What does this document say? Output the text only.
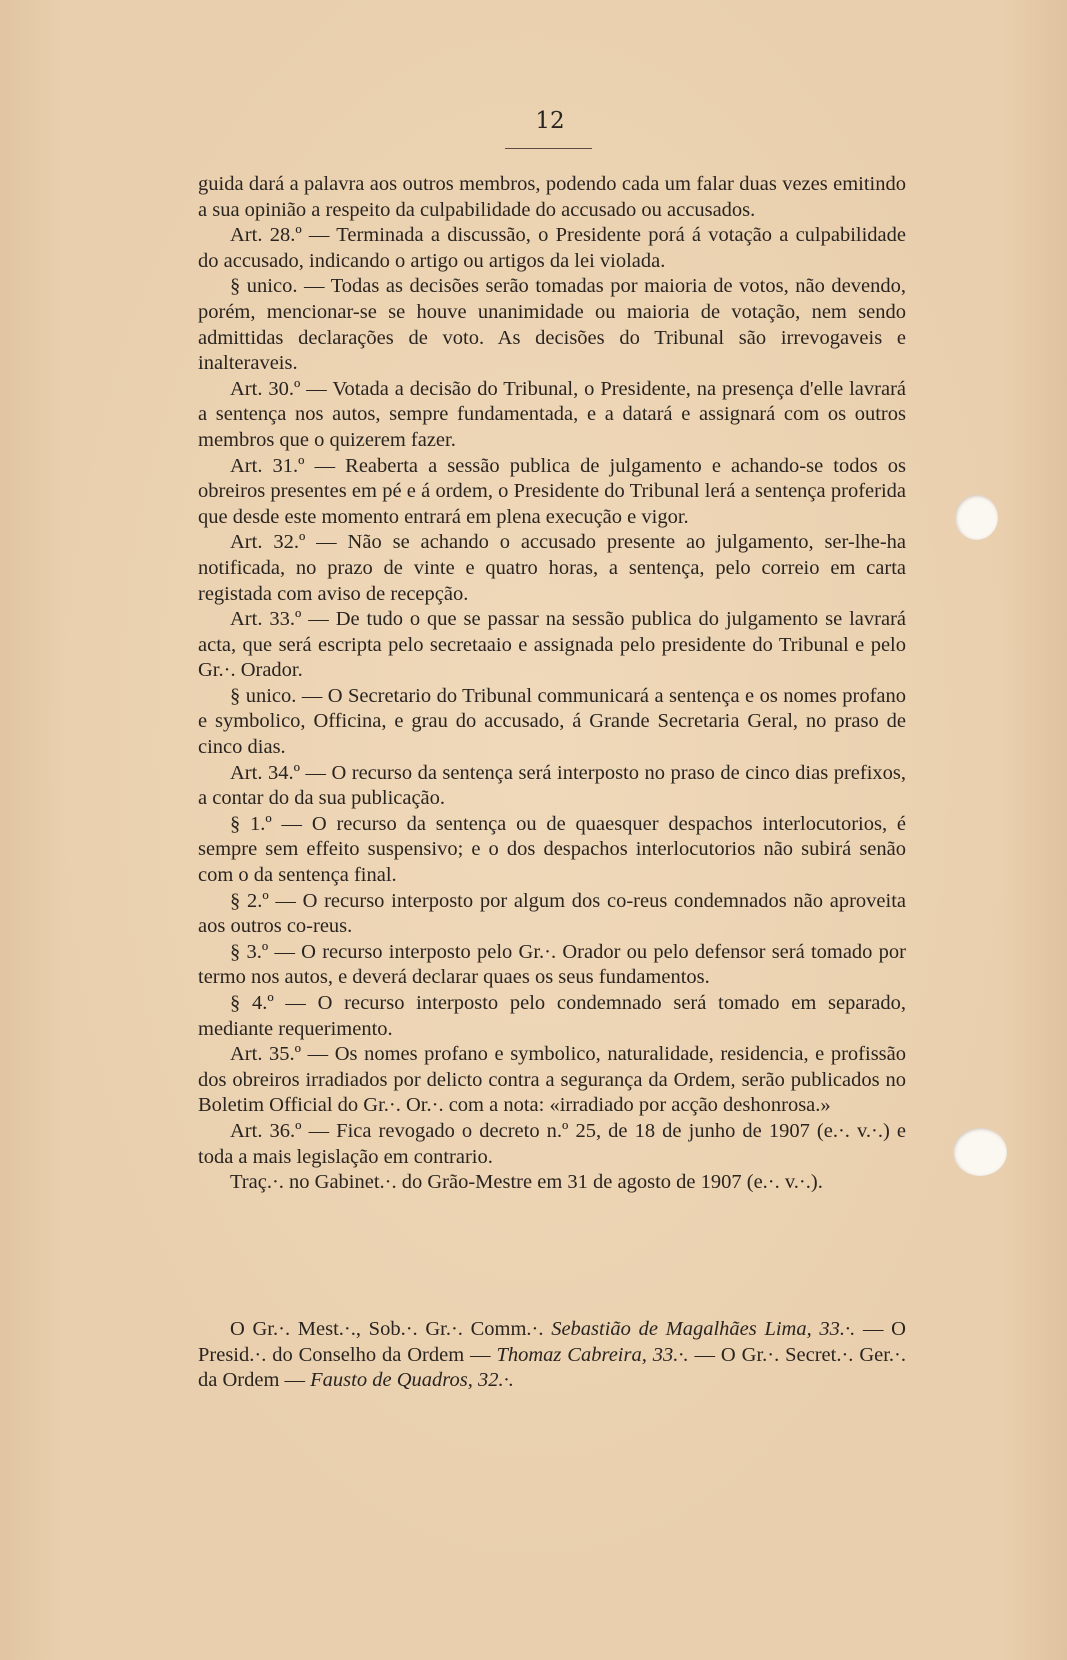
12

guida dará a palavra aos outros membros, podendo cada um falar duas vezes emitindo a sua opinião a respeito da culpabilidade do accusado ou accusados.

Art. 28.º — Terminada a discussão, o Presidente porá á votação a culpabilidade do accusado, indicando o artigo ou artigos da lei violada.

§ unico. — Todas as decisões serão tomadas por maioria de votos, não devendo, porém, mencionar-se se houve unanimidade ou maioria de votação, nem sendo admittidas declarações de voto. As decisões do Tribunal são irrevogaveis e inalteraveis.

Art. 30.º — Votada a decisão do Tribunal, o Presidente, na presença d'elle lavrará a sentença nos autos, sempre fundamentada, e a datará e assignará com os outros membros que o quizerem fazer.

Art. 31.º — Reaberta a sessão publica de julgamento e achando-se todos os obreiros presentes em pé e á ordem, o Presidente do Tribunal lerá a sentença proferida que desde este momento entrará em plena execução e vigor.

Art. 32.º — Não se achando o accusado presente ao julgamento, ser-lhe-ha notificada, no prazo de vinte e quatro horas, a sentença, pelo correio em carta registada com aviso de recepção.

Art. 33.º — De tudo o que se passar na sessão publica do julgamento se lavrará acta, que será escripta pelo secretaaio e assignada pelo presidente do Tribunal e pelo Gr.·. Orador.

§ unico. — O Secretario do Tribunal communicará a sentença e os nomes profano e symbolico, Officina, e grau do accusado, á Grande Secretaria Geral, no praso de cinco dias.

Art. 34.º — O recurso da sentença será interposto no praso de cinco dias prefixos, a contar do da sua publicação.

§ 1.º — O recurso da sentença ou de quaesquer despachos interlocutorios, é sempre sem effeito suspensivo; e o dos despachos interlocutorios não subirá senão com o da sentença final.

§ 2.º — O recurso interposto por algum dos co-reus condemnados não aproveita aos outros co-reus.

§ 3.º — O recurso interposto pelo Gr.·. Orador ou pelo defensor será tomado por termo nos autos, e deverá declarar quaes os seus fundamentos.

§ 4.º — O recurso interposto pelo condemnado será tomado em separado, mediante requerimento.

Art. 35.º — Os nomes profano e symbolico, naturalidade, residencia, e profissão dos obreiros irradiados por delicto contra a segurança da Ordem, serão publicados no Boletim Official do Gr.·. Or.·. com a nota: «irradiado por acção deshonrosa.»

Art. 36.º — Fica revogado o decreto n.º 25, de 18 de junho de 1907 (e.·. v.·.) e toda a mais legislação em contrario.

Traç.·. no Gabinet.·. do Grão-Mestre em 31 de agosto de 1907 (e.·. v.·.).

O Gr.·. Mest.·., Sob.·. Gr.·. Comm.·. Sebastião de Magalhães Lima, 33.·. — O Presid.·. do Conselho da Ordem — Thomaz Cabreira, 33.·. — O Gr.·. Secret.·. Ger.·. da Ordem — Fausto de Quadros, 32.·.
